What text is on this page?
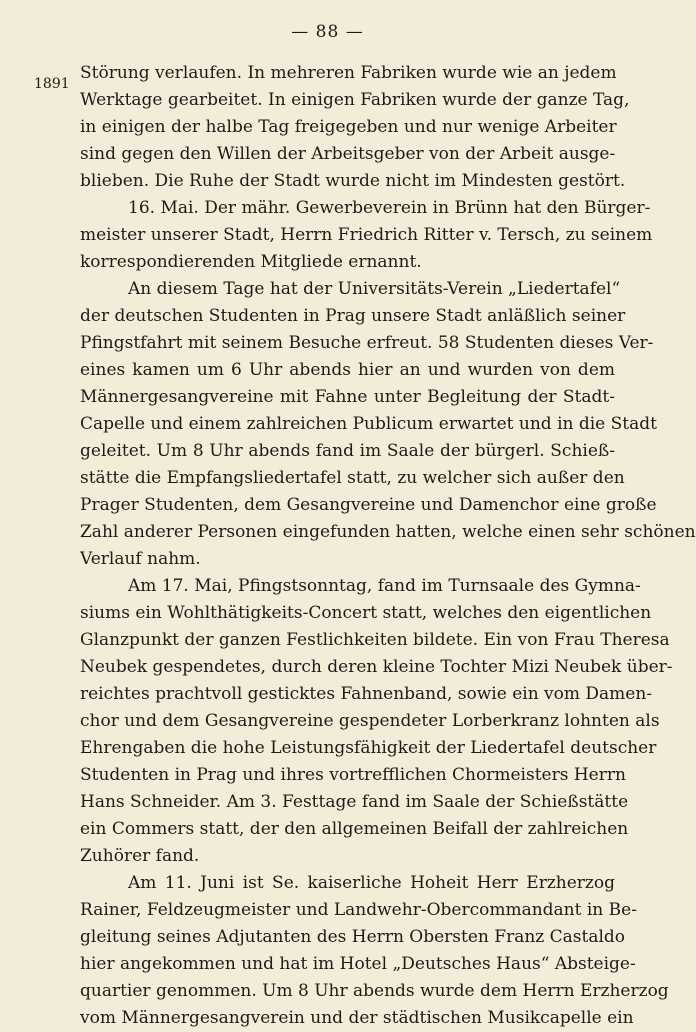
— 88 —
1891
Störung verlaufen. In mehreren Fabriken wurde wie an jedem
Werktage gearbeitet. In einigen Fabriken wurde der ganze Tag,
in einigen der halbe Tag freigegeben und nur wenige Arbeiter
sind gegen den Willen der Arbeitsgeber von der Arbeit ausge-
blieben. Die Ruhe der Stadt wurde nicht im Mindesten gestört.
16. Mai. Der mähr. Gewerbeverein in Brünn hat den Bürger-
meister unserer Stadt, Herrn Friedrich Ritter v. Tersch, zu seinem
korrespondierenden Mitgliede ernannt.
An diesem Tage hat der Universitäts-Verein „Liedertafel“
der deutschen Studenten in Prag unsere Stadt anläßlich seiner
Pfingstfahrt mit seinem Besuche erfreut. 58 Studenten dieses Ver-
eines kamen um 6 Uhr abends hier an und wurden von dem
Männergesangvereine mit Fahne unter Begleitung der Stadt-
Capelle und einem zahlreichen Publicum erwartet und in die Stadt
geleitet. Um 8 Uhr abends fand im Saale der bürgerl. Schieß-
stätte die Empfangsliedertafel statt, zu welcher sich außer den
Prager Studenten, dem Gesangvereine und Damenchor eine große
Zahl anderer Personen eingefunden hatten, welche einen sehr schönen
Verlauf nahm.
Am 17. Mai, Pfingstsonntag, fand im Turnsaale des Gymna-
siums ein Wohlthätigkeits-Concert statt, welches den eigentlichen
Glanzpunkt der ganzen Festlichkeiten bildete. Ein von Frau Theresa
Neubek gespendetes, durch deren kleine Tochter Mizi Neubek über-
reichtes prachtvoll gesticktes Fahnenband, sowie ein vom Damen-
chor und dem Gesangvereine gespendeter Lorberkranz lohnten als
Ehrengaben die hohe Leistungsfähigkeit der Liedertafel deutscher
Studenten in Prag und ihres vortrefflichen Chormeisters Herrn
Hans Schneider. Am 3. Festtage fand im Saale der Schießstätte
ein Commers statt, der den allgemeinen Beifall der zahlreichen
Zuhörer fand.
Am 11. Juni ist Se. kaiserliche Hoheit Herr Erzherzog
Rainer, Feldzeugmeister und Landwehr-Obercommandant in Be-
gleitung seines Adjutanten des Herrn Obersten Franz Castaldo
hier angekommen und hat im Hotel „Deutsches Haus“ Absteige-
quartier genommen. Um 8 Uhr abends wurde dem Herrn Erzherzog
vom Männergesangverein und der städtischen Musikcapelle ein
